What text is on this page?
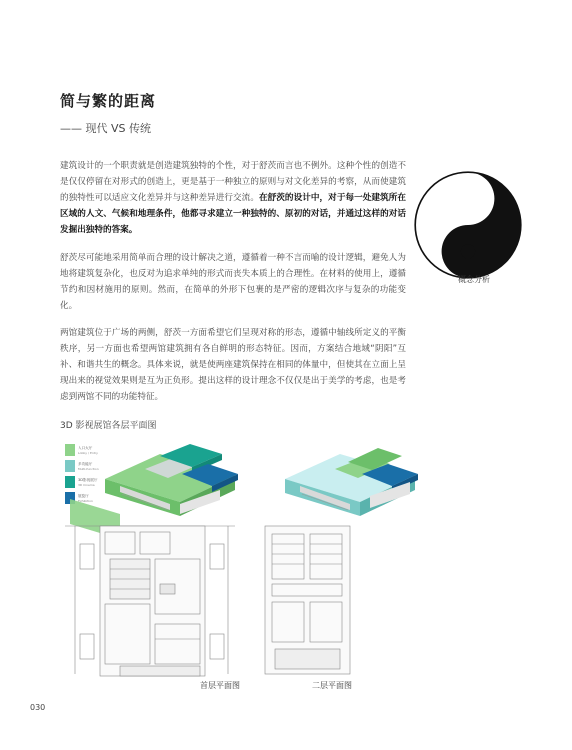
简与繁的距离
—— 现代 VS 传统

建筑设计的一个职责就是创造建筑独特的个性，对于舒茨而言也不例外。这种个性的创造不是仅仅停留在对形式的创造上，更是基于一种独立的原则与对文化差异的考察，从而使建筑的独特性可以适应文化差异并与这种差异进行交流。在舒茨的设计中，对于每一处建筑所在区域的人文、气候和地理条件，他都寻求建立一种独特的、原初的对话，并通过这样的对话发掘出独特的答案。

舒茨尽可能地采用简单而合理的设计解决之道，遵循着一种不言而喻的设计逻辑，避免人为地将建筑复杂化，也反对为追求单纯的形式而丧失本质上的合理性。在材料的使用上，遵循节约和因材施用的原则。然而，在简单的外形下包裹的是严密的逻辑次序与复杂的功能变化。

两馆建筑位于广场的两侧，舒茨一方面希望它们呈现对称的形态，遵循中轴线所定义的平衡秩序，另一方面也希望两馆建筑拥有各自鲜明的形态特征。因而，方案结合地域“阴阳”互补、和谐共生的概念。具体来说，就是使两座建筑保持在相同的体量中，但使其在立面上呈现出来的视觉效果则是互为正负形。提出这样的设计理念不仅仅是出于美学的考虑，也是考虑到两馆不同的功能特征。

概念分析
3D 影视展馆各层平面图
入口大厅
Lobby / Entry
多功能厅
Multi-function
3D影视展厅
3D Cinema
展览厅
Exhibition
首层平面图	二层平面图
030
